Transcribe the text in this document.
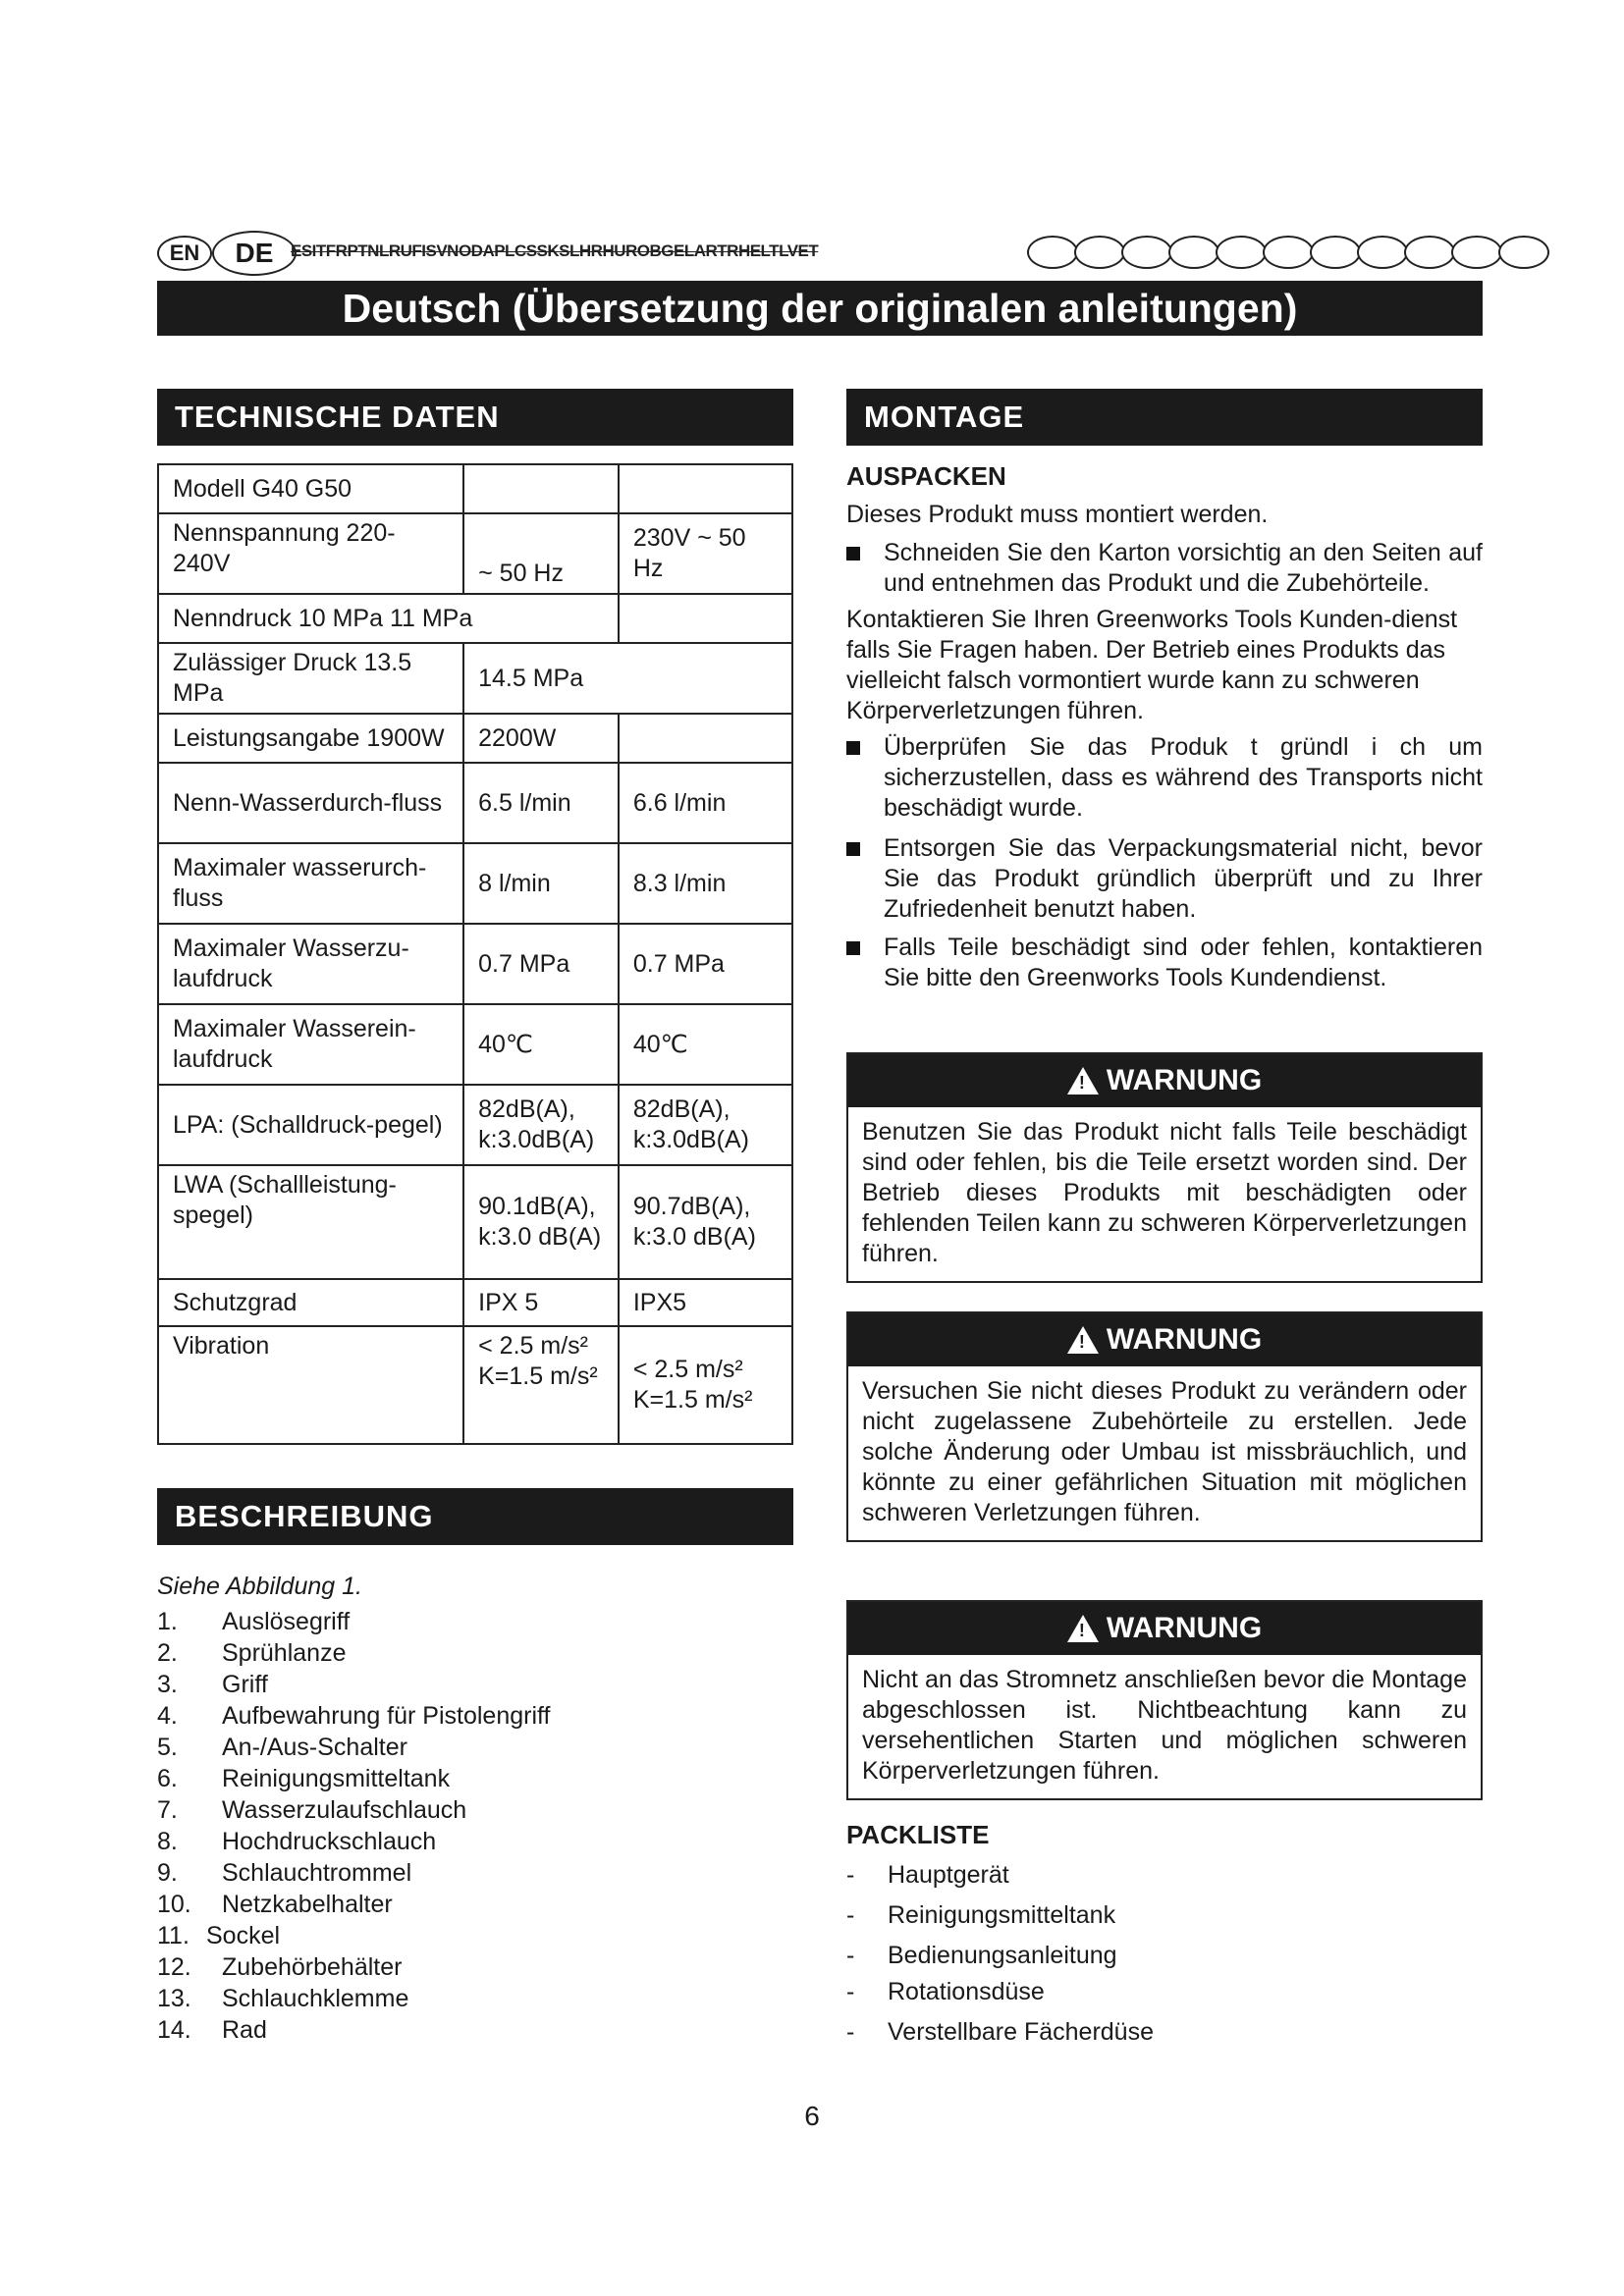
EN	DE	ESITFRPTNLRUFISVNODAPLCSSKSLHRHUROBGELARTRHELTLVET
Deutsch (Übersetzung der originalen anleitungen)
TECHNISCHE DATEN
Modell G40 G50		
Nennspannung 220-240V	~ 50 Hz	230V ~ 50 Hz
Nenndruck 10 MPa 11 MPa		
Zulässiger Druck 13.5 MPa	14.5 MPa	
Leistungsangabe 1900W	2200W	
Nenn-Wasserdurch-fluss	6.5 l/min	6.6 l/min
Maximaler wasserurch-fluss	8 l/min	8.3 l/min
Maximaler Wasserzu-laufdruck	0.7 MPa	0.7 MPa
Maximaler Wasserein-laufdruck	40℃	40℃
LPA: (Schalldruck-pegel)	82dB(A), k:3.0dB(A)	82dB(A), k:3.0dB(A)
LWA (Schallleistung-spegel)	90.1dB(A), k:3.0 dB(A)	90.7dB(A), k:3.0 dB(A)
Schutzgrad	IPX 5	IPX5
Vibration	< 2.5 m/s² K=1.5 m/s²	< 2.5 m/s² K=1.5 m/s²
BESCHREIBUNG
Siehe Abbildung 1.
1.	Auslösegriff
2.	Sprühlanze
3.	Griff
4.	Aufbewahrung für Pistolengriff
5.	An-/Aus-Schalter
6.	Reinigungsmitteltank
7.	Wasserzulaufschlauch
8.	Hochdruckschlauch
9.	Schlauchtrommel
10.	Netzkabelhalter
11. Sockel
12.	Zubehörbehälter
13.	Schlauchklemme
14.	Rad
MONTAGE
AUSPACKEN
Dieses Produkt muss montiert werden.
Schneiden Sie den Karton vorsichtig an den Seiten auf und entnehmen das Produkt und die Zubehörteile.
Kontaktieren Sie Ihren Greenworks Tools Kunden-dienst falls Sie Fragen haben. Der Betrieb eines Produkts das vielleicht falsch vormontiert wurde kann zu schweren Körperverletzungen führen.
Überprüfen Sie das Produk t gründl i ch um sicherzustellen, dass es während des Transports nicht beschädigt wurde.
Entsorgen Sie das Verpackungsmaterial nicht, bevor Sie das Produkt gründlich überprüft und zu Ihrer Zufriedenheit benutzt haben.
Falls Teile beschädigt sind oder fehlen, kontaktieren Sie bitte den Greenworks Tools Kundendienst.
!
WARNUNG
Benutzen Sie das Produkt nicht falls Teile beschädigt sind oder fehlen, bis die Teile ersetzt worden sind. Der Betrieb dieses Produkts mit beschädigten oder fehlenden Teilen kann zu schweren Körperverletzungen führen.
!
WARNUNG
Versuchen Sie nicht dieses Produkt zu verändern oder nicht zugelassene Zubehörteile zu erstellen. Jede solche Änderung oder Umbau ist missbräuchlich, und könnte zu einer gefährlichen Situation mit möglichen schweren Verletzungen führen.
!
WARNUNG
Nicht an das Stromnetz anschließen bevor die Montage abgeschlossen ist. Nichtbeachtung kann zu versehentlichen Starten und möglichen schweren Körperverletzungen führen.
PACKLISTE
-	Hauptgerät
-	Reinigungsmitteltank
-	Bedienungsanleitung
-	Rotationsdüse
-	Verstellbare Fächerdüse
6
